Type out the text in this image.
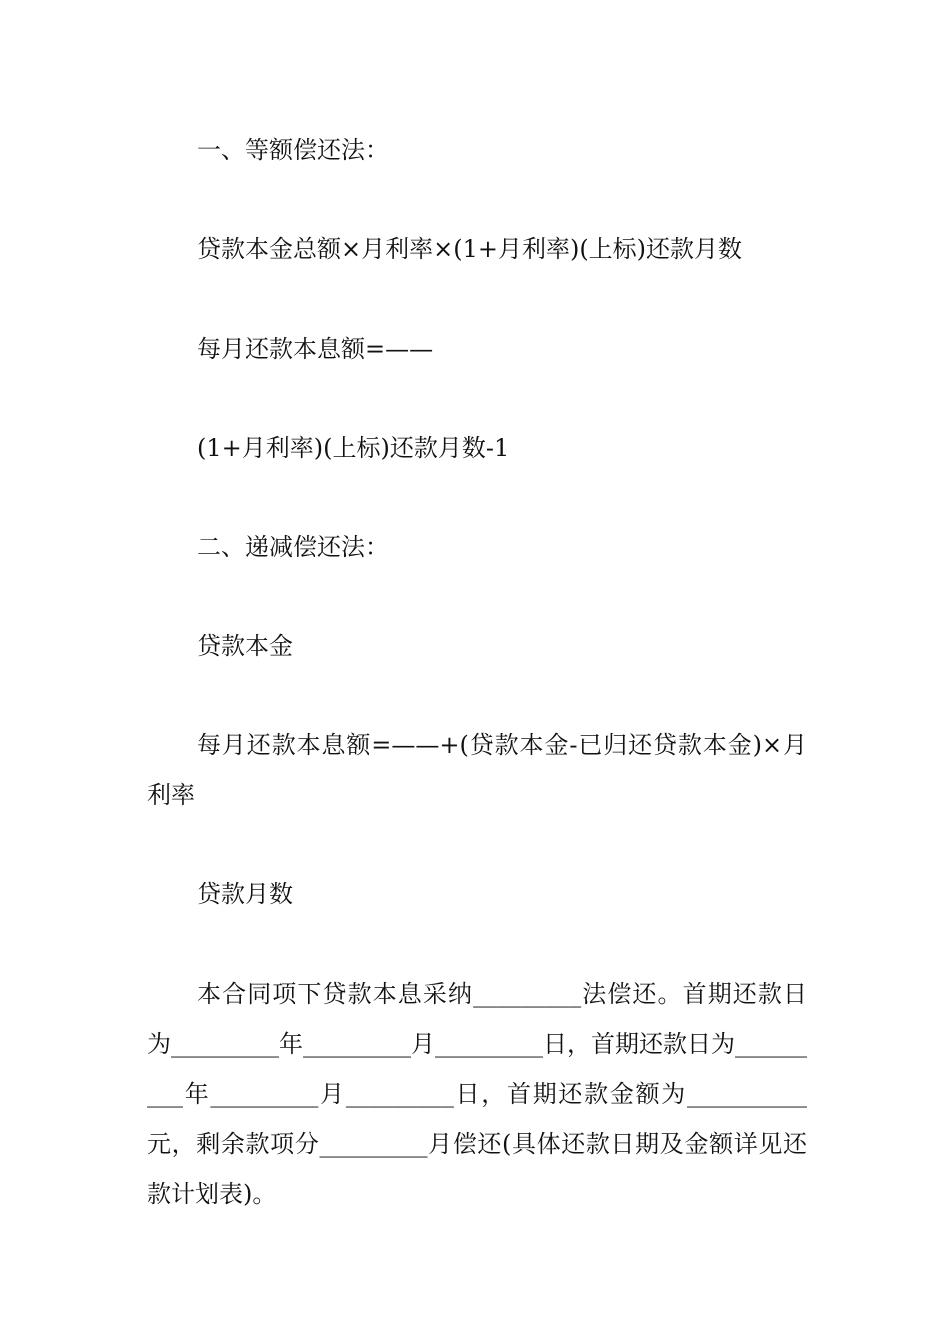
一、等额偿还法：

贷款本金总额×月利率×(1+月利率)(上标)还款月数

每月还款本息额=——

(1+月利率)(上标)还款月数-1

二、递减偿还法：

贷款本金

每月还款本息额=——+(贷款本金-已归还贷款本金)×月利率

贷款月数

本合同项下贷款本息采纳_________法偿还。首期还款日为_________年_________月_________日，首期还款日为_________年_________月_________日，首期还款金额为__________元，剩余款项分_________月偿还(具体还款日期及金额详见还款计划表)。
